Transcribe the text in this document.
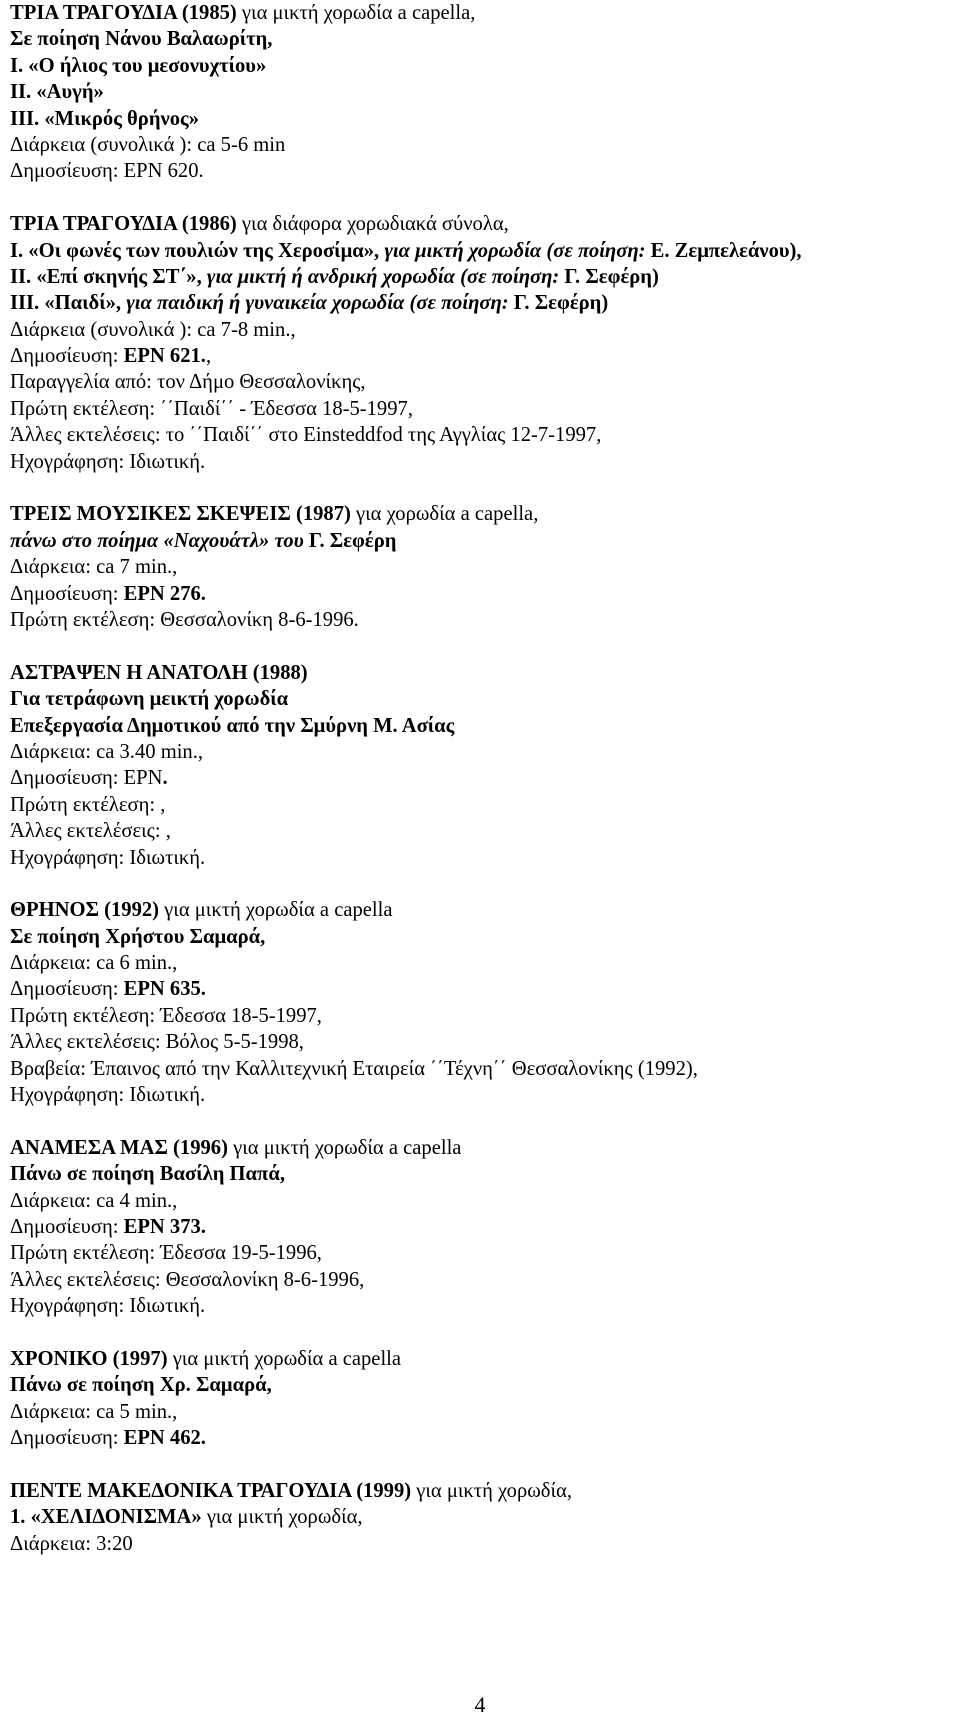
ΤΡΙΑ ΤΡΑΓΟΥΔΙΑ (1985) για μικτή χορωδία a capella,
Σε ποίηση Νάνου Βαλαωρίτη,
Ι. «Ο ήλιος του μεσονυχτίου»
ΙΙ. «Αυγή»
ΙΙΙ. «Μικρός θρήνος»
Διάρκεια (συνολικά ): ca 5-6 min
Δημοσίευση: ΕΡΝ 620.
ΤΡΙΑ ΤΡΑΓΟΥΔΙΑ (1986) για διάφορα χορωδιακά σύνολα,
Ι. «Οι φωνές των πουλιών της Χεροσίμα», για μικτή χορωδία (σε ποίηση: Ε. Ζεμπελεάνου),
ΙΙ. «Επί σκηνής ΣΤ΄», για μικτή ή ανδρική χορωδία (σε ποίηση: Γ. Σεφέρη)
ΙΙΙ. «Παιδί», για παιδική ή γυναικεία χορωδία (σε ποίηση: Γ. Σεφέρη)
Διάρκεια (συνολικά ): ca 7-8 min.,
Δημοσίευση: ΕΡΝ 621.,
Παραγγελία από: τον Δήμο Θεσσαλονίκης,
Πρώτη εκτέλεση: ΄΄Παιδί΄΄ - Έδεσσα 18-5-1997,
Άλλες εκτελέσεις: το ΄΄Παιδί΄΄ στο Einsteddfod της Αγγλίας 12-7-1997,
Ηχογράφηση: Ιδιωτική.
ΤΡΕΙΣ ΜΟΥΣΙΚΕΣ ΣΚΕΨΕΙΣ (1987) για χορωδία a capella,
πάνω στο ποίημα «Ναχουάτλ» του Γ. Σεφέρη
Διάρκεια: ca 7 min.,
Δημοσίευση: ΕΡΝ 276.
Πρώτη εκτέλεση: Θεσσαλονίκη 8-6-1996.
ΑΣΤΡΑΨΕΝ Η ΑΝΑΤΟΛΗ (1988)
Για τετράφωνη μεικτή χορωδία
Επεξεργασία Δημοτικού από την Σμύρνη Μ. Ασίας
Διάρκεια: ca 3.40 min.,
Δημοσίευση: ΕΡΝ.
Πρώτη εκτέλεση: ,
Άλλες εκτελέσεις: ,
Ηχογράφηση: Ιδιωτική.
ΘΡΗΝΟΣ (1992) για μικτή χορωδία a capella
Σε ποίηση Χρήστου Σαμαρά,
Διάρκεια: ca 6 min.,
Δημοσίευση: ΕΡΝ 635.
Πρώτη εκτέλεση: Έδεσσα 18-5-1997,
Άλλες εκτελέσεις: Βόλος 5-5-1998,
Βραβεία: Έπαινος από την Καλλιτεχνική Εταιρεία ΄΄Τέχνη΄΄ Θεσσαλονίκης (1992),
Ηχογράφηση: Ιδιωτική.
ΑΝΑΜΕΣΑ ΜΑΣ (1996) για μικτή χορωδία a capella
Πάνω σε ποίηση Βασίλη Παπά,
Διάρκεια: ca 4 min.,
Δημοσίευση: ΕΡΝ 373.
Πρώτη εκτέλεση: Έδεσσα 19-5-1996,
Άλλες εκτελέσεις: Θεσσαλονίκη 8-6-1996,
Ηχογράφηση: Ιδιωτική.
ΧΡΟΝΙΚΟ (1997) για μικτή χορωδία a capella
Πάνω σε ποίηση Χρ. Σαμαρά,
Διάρκεια: ca 5 min.,
Δημοσίευση: ΕΡΝ 462.
ΠΕΝΤΕ ΜΑΚΕΔΟΝΙΚΑ ΤΡΑΓΟΥΔΙΑ (1999) για μικτή χορωδία,
1. «ΧΕΛΙΔΟΝΙΣΜΑ» για μικτή χορωδία,
Διάρκεια: 3:20
4
